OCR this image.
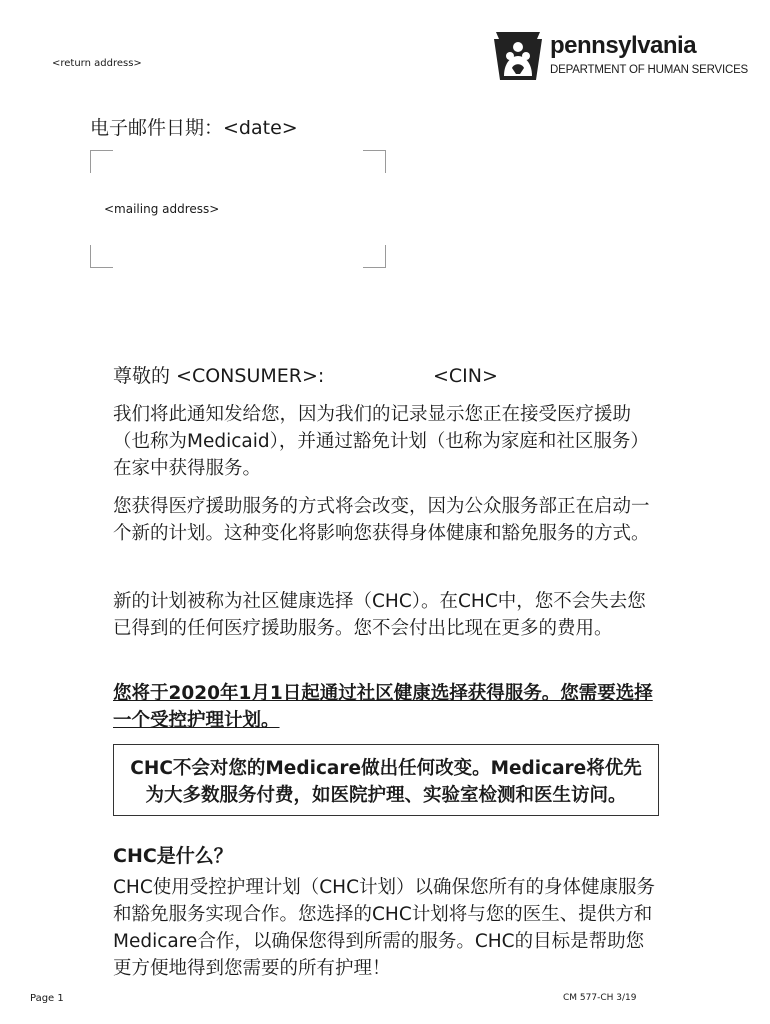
<return address>
pennsylvania
DEPARTMENT OF HUMAN SERVICES
电子邮件日期：<date>
<mailing address>
尊敬的 <CONSUMER>:	<CIN>
我们将此通知发给您，因为我们的记录显示您正在接受医疗援助（也称为Medicaid），并通过豁免计划（也称为家庭和社区服务）在家中获得服务。
您获得医疗援助服务的方式将会改变，因为公众服务部正在启动一个新的计划。这种变化将影响您获得身体健康和豁免服务的方式。
新的计划被称为社区健康选择（CHC）。在CHC中，您不会失去您已得到的任何医疗援助服务。您不会付出比现在更多的费用。
您将于2020年1月1日起通过社区健康选择获得服务。您需要选择一个受控护理计划。
CHC不会对您的Medicare做出任何改变。Medicare将优先为大多数服务付费，如医院护理、实验室检测和医生访问。
CHC是什么？
CHC使用受控护理计划（CHC计划）以确保您所有的身体健康服务和豁免服务实现合作。您选择的CHC计划将与您的医生、提供方和Medicare合作，以确保您得到所需的服务。CHC的目标是帮助您更方便地得到您需要的所有护理！
Page 1	CM 577-CH 3/19
